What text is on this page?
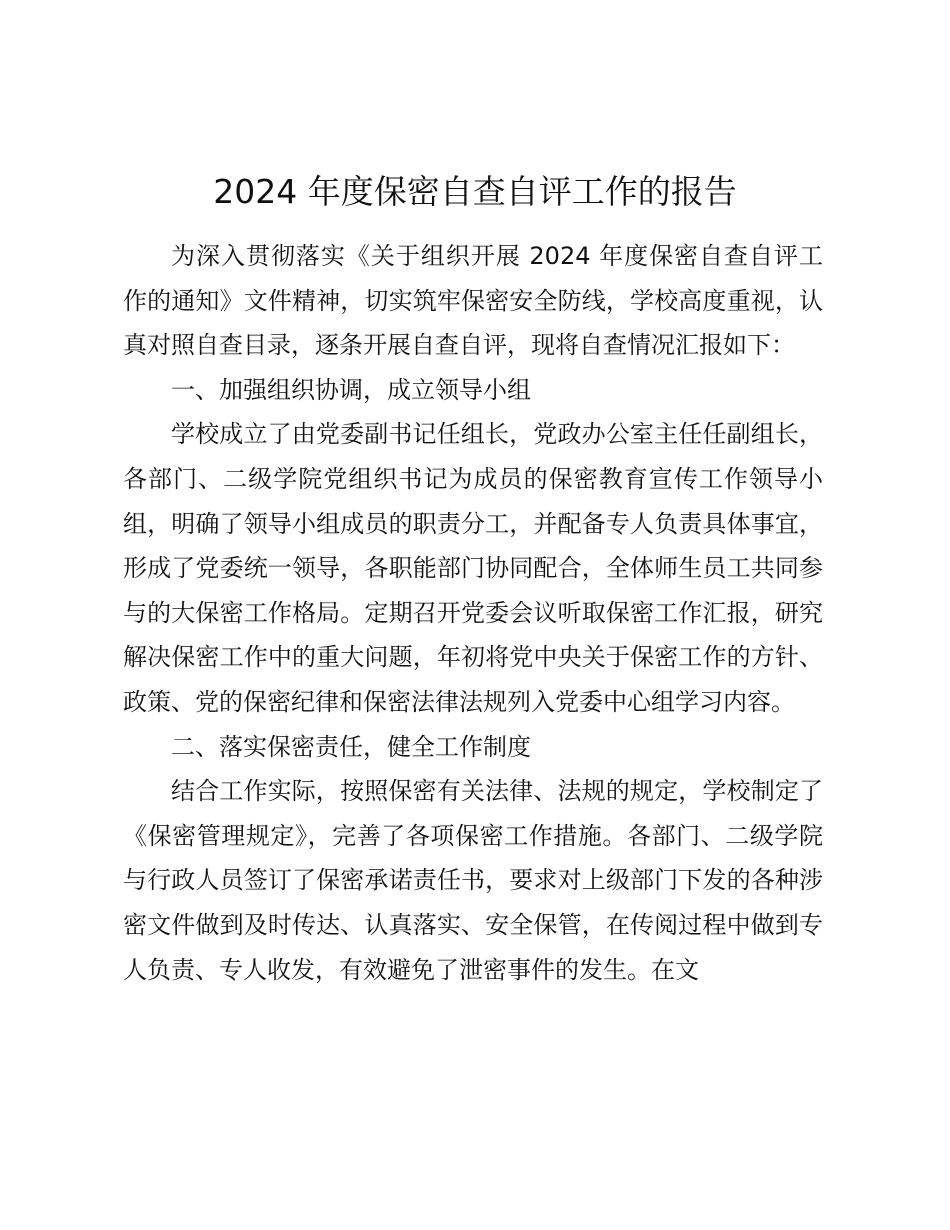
2024 年度保密自查自评工作的报告

为深入贯彻落实《关于组织开展 2024 年度保密自查自评工作的通知》文件精神，切实筑牢保密安全防线，学校高度重视，认真对照自查目录，逐条开展自查自评，现将自查情况汇报如下：

一、加强组织协调，成立领导小组

学校成立了由党委副书记任组长，党政办公室主任任副组长，各部门、二级学院党组织书记为成员的保密教育宣传工作领导小组，明确了领导小组成员的职责分工，并配备专人负责具体事宜，形成了党委统一领导，各职能部门协同配合，全体师生员工共同参与的大保密工作格局。定期召开党委会议听取保密工作汇报，研究解决保密工作中的重大问题，年初将党中央关于保密工作的方针、政策、党的保密纪律和保密法律法规列入党委中心组学习内容。

二、落实保密责任，健全工作制度

结合工作实际，按照保密有关法律、法规的规定，学校制定了《保密管理规定》，完善了各项保密工作措施。各部门、二级学院与行政人员签订了保密承诺责任书，要求对上级部门下发的各种涉密文件做到及时传达、认真落实、安全保管，在传阅过程中做到专人负责、专人收发，有效避免了泄密事件的发生。在文
